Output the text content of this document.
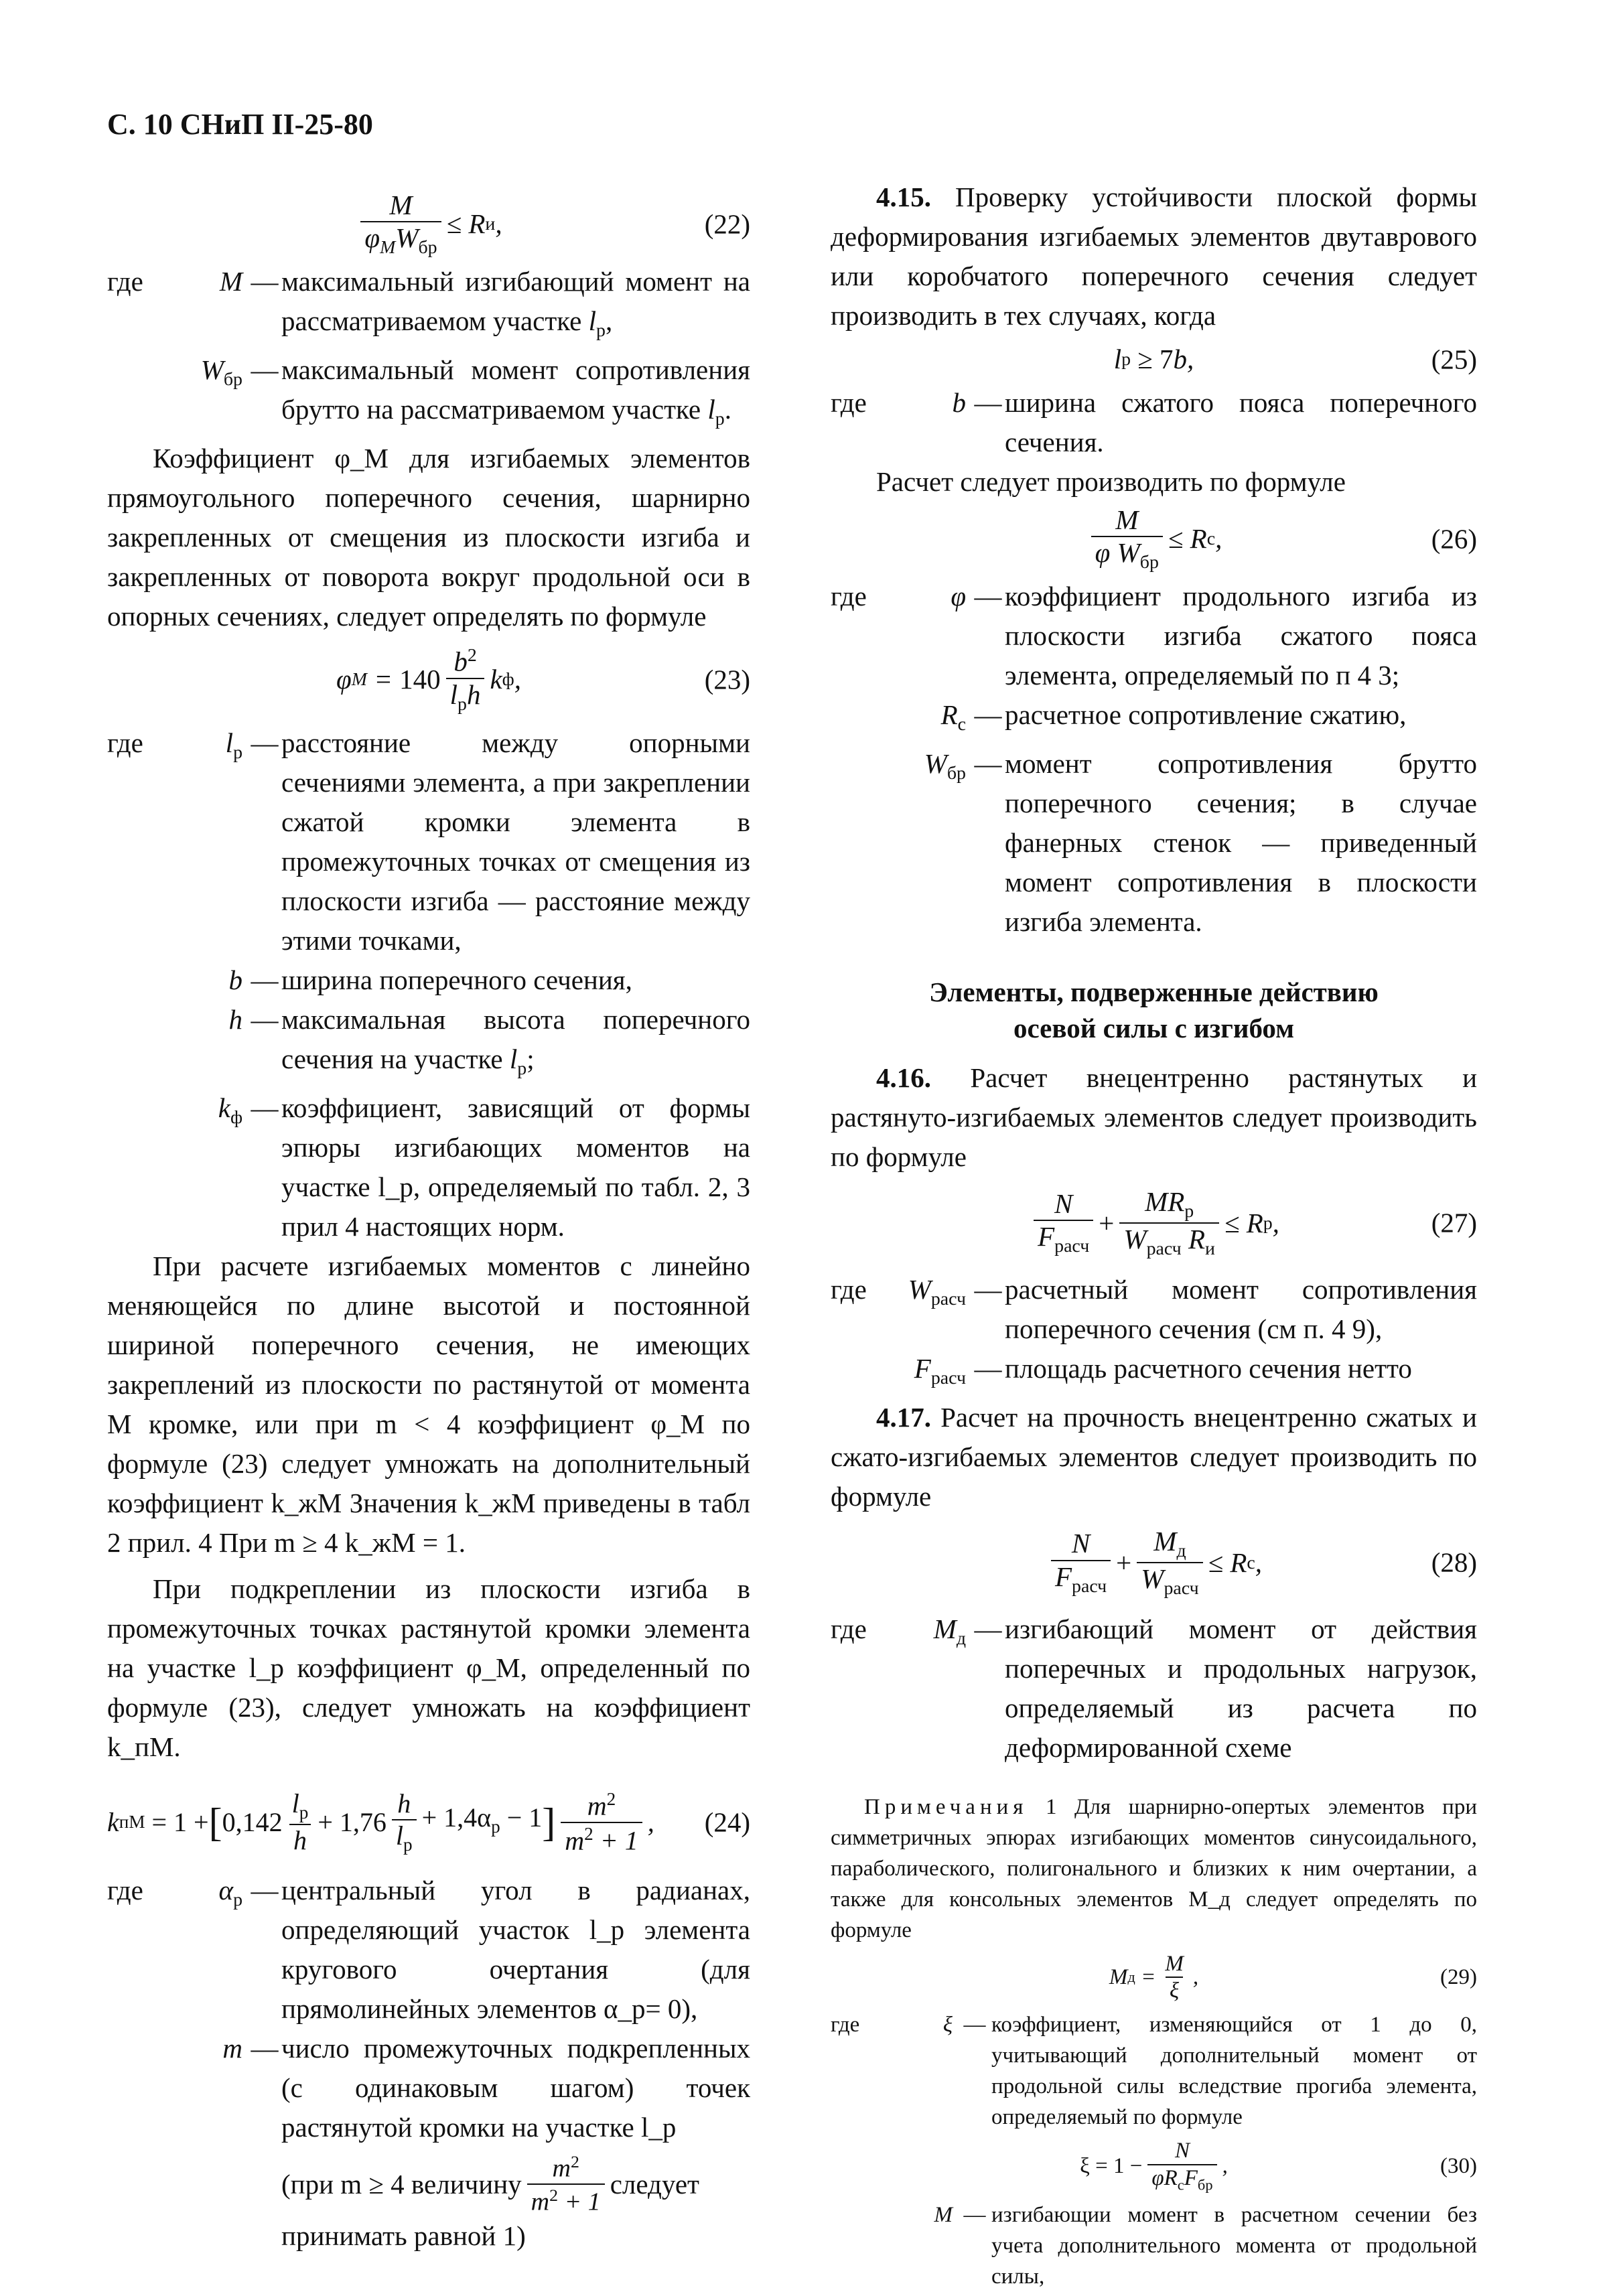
С. 10 СНиП II-25-80
$\frac{M}{\varphi_MW_{бр}} \le R$ и ,	(22)
где	M — максимальный изгибающий момент на рассматриваемом участке $l_р$,
$W_{бр}$ — максимальный момент сопротивления брутто на рассматриваемом участке $l_р$.

Коэффициент φ_M для изгибаемых элементов прямоугольного поперечного сечения, шарнирно закрепленных от смещения из плоскости изгиба и закрепленных от поворота вокруг продольной оси в опорных сечениях, следует определять по формуле

φ $M = 140 \frac{b^2}{l_рh}$ k ф ,	(23)
где	$l_р$ — расстояние между опорными сечениями элемента, а при закреплении сжатой кромки элемента в промежуточных точках от смещения из плоскости изгиба — расстояние между этими точками,
b — ширина поперечного сечения,
h — максимальная высота поперечного сечения на участке $l_р$;
$k_ф$ — коэффициент, зависящий от формы эпюры изгибающих моментов на участке l_p, определяемый по табл. 2, 3 прил 4 настоящих норм.

При расчете изгибаемых моментов с линейно меняющейся по длине высотой и постоянной шириной поперечного сечения, не имеющих закреплений из плоскости по растянутой от момента M кромке, или при m < 4 коэффициент φ_M по формуле (23) следует умножать на дополнительный коэффициент k_жM Значения k_жM приведены в табл 2 прил. 4 При m ≥ 4 k_жM = 1.

При подкреплении из плоскости изгиба в промежуточных точках растянутой кромки элемента на участке l_p коэффициент φ_M, определенный по формуле (23), следует умножать на коэффициент k_пM.

k пM
= 1 + [ $0,142 \frac{l_р}{h} + 1,76 \frac{h}{l_р} + 1,4\alpha_р - 1$ ] $\frac{m^2}{m^2 + 1}$ , (24)
где	$\alpha_р$ — центральный угол в радианах, определяющий участок l_p элемента кругового очертания (для прямолинейных элементов α_p= 0),
m — число промежуточных подкрепленных (с одинаковым шагом) точек растянутой кромки на участке l_p

(при m ≥ 4 величину $\frac{m^2}{m^2 + 1}$ следует

принимать равной 1)

4.15. Проверку устойчивости плоской формы деформирования изгибаемых элементов двутаврового или коробчатого поперечного сечения следует производить в тех случаях, когда

l р ≥ 7 b,	(25)
где	b — ширина сжатого пояса поперечного сечения.

Расчет следует производить по формуле

$\frac{M}{\varphi W_{бр}} \le R$ с ,	(26)
где	φ — коэффициент продольного изгиба из плоскости изгиба сжатого пояса элемента, определяемый по п 4 3;
$R_с$ — расчетное сопротивление сжатию,
$W_{бр}$ — момент сопротивления брутто поперечного сечения; в случае фанерных стенок — приведенный момент сопротивления в плоскости изгиба элемента.
Элементы, подверженные действию
осевой силы с изгибом

4.16. Расчет внецентренно растянутых и растянуто-изгибаемых элементов следует производить по формуле

$\frac{N}{F_{расч}} + \frac{MR_р}{W_{расч} R_и} \le R$ р ,	(27)
где	$W_{расч}$ — расчетный момент сопротивления поперечного сечения (см п. 4 9),
$F_{расч}$ — площадь расчетного сечения нетто

4.17. Расчет на прочность внецентренно сжатых и сжато-изгибаемых элементов следует производить по формуле

$\frac{N}{F_{расч}} + \frac{M_д}{W_{расч}} \le R$ с ,	(28)
где	$M_д$ — изгибающий момент от действия поперечных и продольных нагрузок, определяемый из расчета по деформированной схеме

Примечания 1 Для шарнирно-опертых элементов при симметричных эпюрах изгибающих моментов синусоидального, параболического, полигонального и близких к ним очертании, а также для консольных элементов M_д следует определять по формуле

M $д = \frac{M}{\xi}$ ,	(29)
где	ξ — коэффициент, изменяющийся от 1 до 0, учитывающий дополнительный момент от продольной силы вследствие прогиба элемента, определяемый по формуле
$\xi = 1 - \frac{N}{\varphi R_сF_{бр}}$ ,	(30)
M — изгибающии момент в расчетном сечении без учета дополнительного момента от продольной силы,
